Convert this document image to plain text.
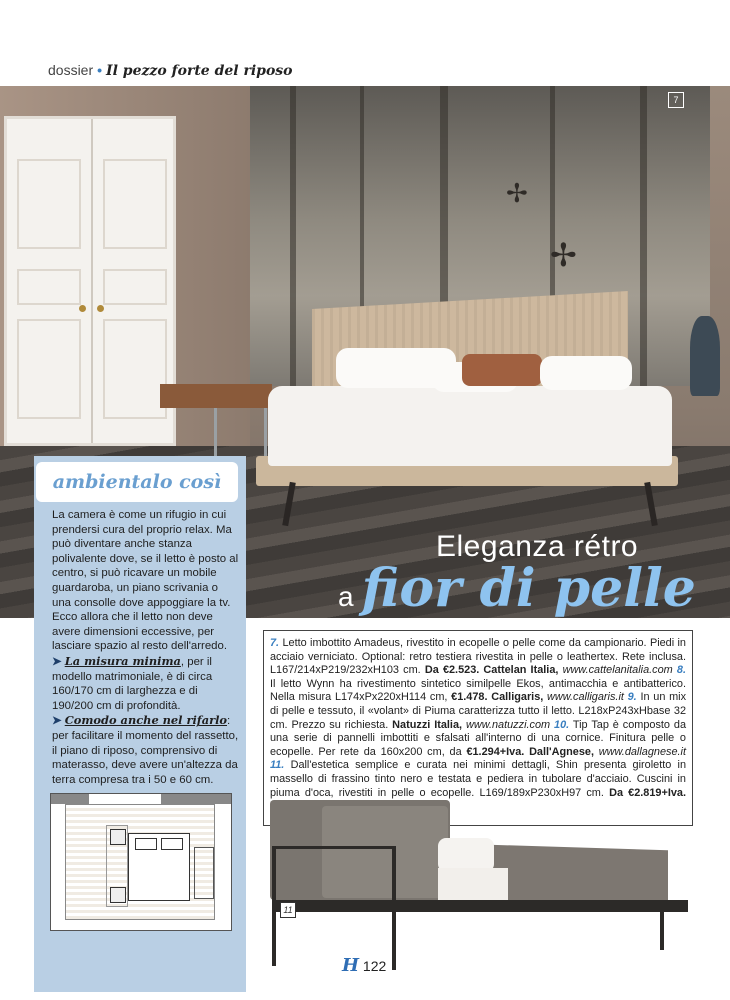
dossier • Il pezzo forte del riposo
✢
✢
7
Eleganza rétro
a fior di pelle
ambientalo così

La camera è come un rifugio in cui prendersi cura del proprio relax. Ma può diventare anche stanza polivalente dove, se il letto è posto al centro, si può ricavare un mobile guardaroba, un piano scrivania o una consolle dove appoggiare la tv. Ecco allora che il letto non deve avere dimensioni eccessive, per lasciare spazio al resto dell'arredo.

➤ La misura minima, per il modello matrimoniale, è di circa 160/170 cm di larghezza e di 190/200 cm di profondità.

➤ Comodo anche nel rifarlo: per facilitare il momento del rassetto, il piano di riposo, comprensivo di materasso, deve avere un'altezza da terra compresa tra i 50 e 60 cm.

7. Letto imbottito Amadeus, rivestito in ecopelle o pelle come da campionario. Piedi in acciaio verniciato. Optional: retro testiera rivestita in pelle o leathertex. Rete inclusa. L167/214xP219/232xH103 cm. Da €2.523. Cattelan Italia, www.cattelanitalia.com 8. Il letto Wynn ha rivestimento sintetico similpelle Ekos, antimacchia e antibatterico. Nella misura L174xPx220xH114 cm, €1.478. Calligaris, www.calligaris.it 9. In un mix di pelle e tessuto, il «volant» di Piuma caratterizza tutto il letto. L218xP243xHbase 32 cm. Prezzo su richiesta. Natuzzi Italia, www.natuzzi.com 10. Tip Tap è composto da una serie di pannelli imbottiti e sfalsati all'interno di una cornice. Finitura pelle o ecopelle. Per rete da 160x200 cm, da €1.294+Iva. Dall'Agnese, www.dallagnese.it 11. Dall'estetica semplice e curata nei minimi dettagli, Shin presenta giroletto in massello di frassino tinto nero e testata e pediera in tubolare d'acciaio. Cuscini in piuma d'oca, rivestiti in pelle o ecopelle. L169/189xP230xH97 cm. Da €2.819+Iva.
11
H 122
